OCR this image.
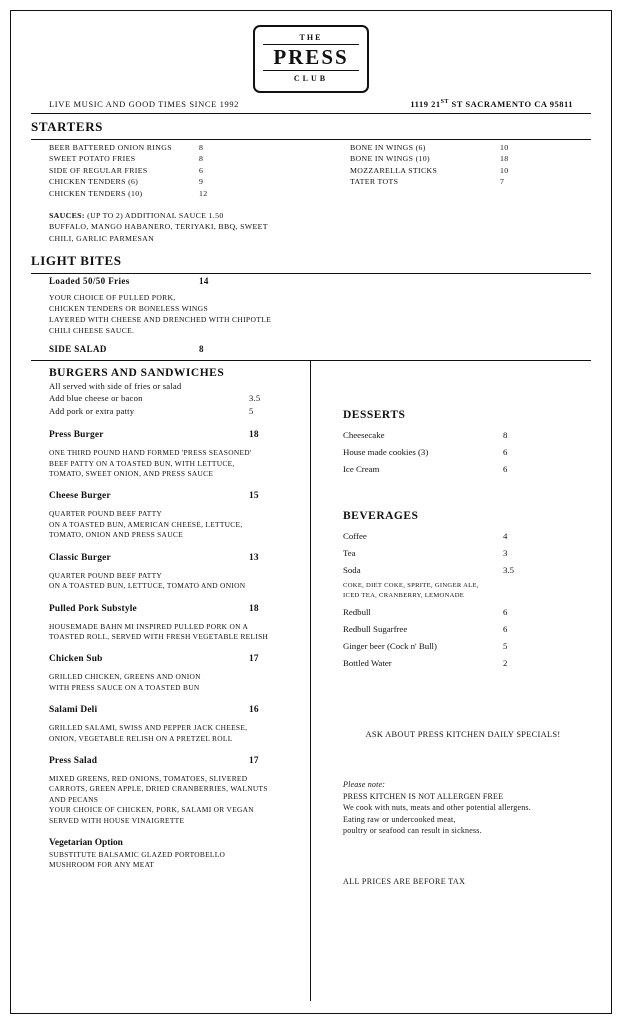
THE
PRESS
CLUB
LIVE MUSIC AND GOOD TIMES SINCE 1992	1119 21ST ST SACRAMENTO CA 95811
STARTERS
BEER BATTERED ONION RINGS	8
SWEET POTATO FRIES	8
SIDE OF REGULAR FRIES	6
CHICKEN TENDERS (6)	9
CHICKEN TENDERS (10)	12
BONE IN WINGS (6)	10
BONE IN WINGS (10)	18
MOZZARELLA STICKS	10
TATER TOTS	7
SAUCES: (UP TO 2) ADDITIONAL SAUCE 1.50
BUFFALO, MANGO HABANERO, TERIYAKI, BBQ, SWEET
CHILI, GARLIC PARMESAN
LIGHT BITES
Loaded 50/50 Fries	14
YOUR CHOICE OF PULLED PORK,
CHICKEN TENDERS OR BONELESS WINGS
LAYERED WITH CHEESE AND DRENCHED WITH CHIPOTLE
CHILI CHEESE SAUCE.
SIDE SALAD	8
BURGERS AND SANDWICHES
All served with side of fries or salad
Add blue cheese or bacon	3.5
Add pork or extra patty	5
Press Burger	18
ONE THIRD POUND HAND FORMED 'PRESS SEASONED'
BEEF PATTY ON A TOASTED BUN, WITH LETTUCE,
TOMATO, SWEET ONION, AND PRESS SAUCE
Cheese Burger	15
QUARTER POUND BEEF PATTY
ON A TOASTED BUN, AMERICAN CHEESE, LETTUCE,
TOMATO, ONION AND PRESS SAUCE
Classic Burger	13
QUARTER POUND BEEF PATTY
ON A TOASTED BUN, LETTUCE, TOMATO AND ONION
Pulled Pork Substyle	18
HOUSEMADE BAHN MI INSPIRED PULLED PORK ON A
TOASTED ROLL, SERVED WITH FRESH VEGETABLE RELISH
Chicken Sub	17
GRILLED CHICKEN, GREENS AND ONION
WITH PRESS SAUCE ON A TOASTED BUN
Salami Deli	16
GRILLED SALAMI, SWISS AND PEPPER JACK CHEESE,
ONION, VEGETABLE RELISH ON A PRETZEL ROLL
Press Salad	17
MIXED GREENS, RED ONIONS, TOMATOES, SLIVERED
CARROTS, GREEN APPLE, DRIED CRANBERRIES, WALNUTS
AND PECANS
YOUR CHOICE OF CHICKEN, PORK, SALAMI OR VEGAN
SERVED WITH HOUSE VINAIGRETTE
Vegetarian Option
SUBSTITUTE BALSAMIC GLAZED PORTOBELLO
MUSHROOM FOR ANY MEAT
DESSERTS
Cheesecake	8
House made cookies (3)	6
Ice Cream	6
BEVERAGES
Coffee	4
Tea	3
Soda	3.5
COKE, DIET COKE, SPRITE, GINGER ALE,
ICED TEA, CRANBERRY, LEMONADE
Redbull	6
Redbull Sugarfree	6
Ginger beer (Cock n' Bull)	5
Bottled Water	2
ASK ABOUT PRESS KITCHEN DAILY SPECIALS!
Please note:
PRESS KITCHEN IS NOT ALLERGEN FREE
We cook with nuts, meats and other potential allergens.
Eating raw or undercooked meat,
poultry or seafood can result in sickness.
ALL PRICES ARE BEFORE TAX
